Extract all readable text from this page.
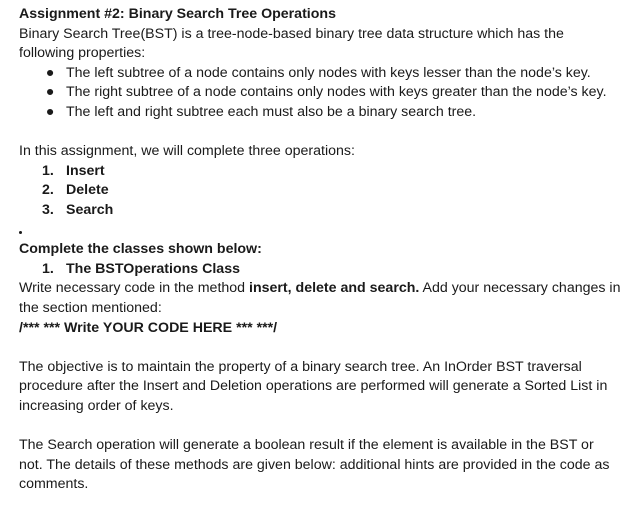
Assignment #2: Binary Search Tree Operations

Binary Search Tree(BST) is a tree-node-based binary tree data structure which has the following properties:

● The left subtree of a node contains only nodes with keys lesser than the node’s key.
● The right subtree of a node contains only nodes with keys greater than the node’s key.
● The left and right subtree each must also be a binary search tree.

In this assignment, we will complete three operations:

1. Insert
2. Delete
3. Search

Complete the classes shown below:

1. The BSTOperations Class

Write necessary code in the method insert, delete and search. Add your necessary changes in the section mentioned:

/*** *** Write YOUR CODE HERE *** ***/

The objective is to maintain the property of a binary search tree. An InOrder BST traversal procedure after the Insert and Deletion operations are performed will generate a Sorted List in increasing order of keys.

The Search operation will generate a boolean result if the element is available in the BST or not. The details of these methods are given below: additional hints are provided in the code as comments.
